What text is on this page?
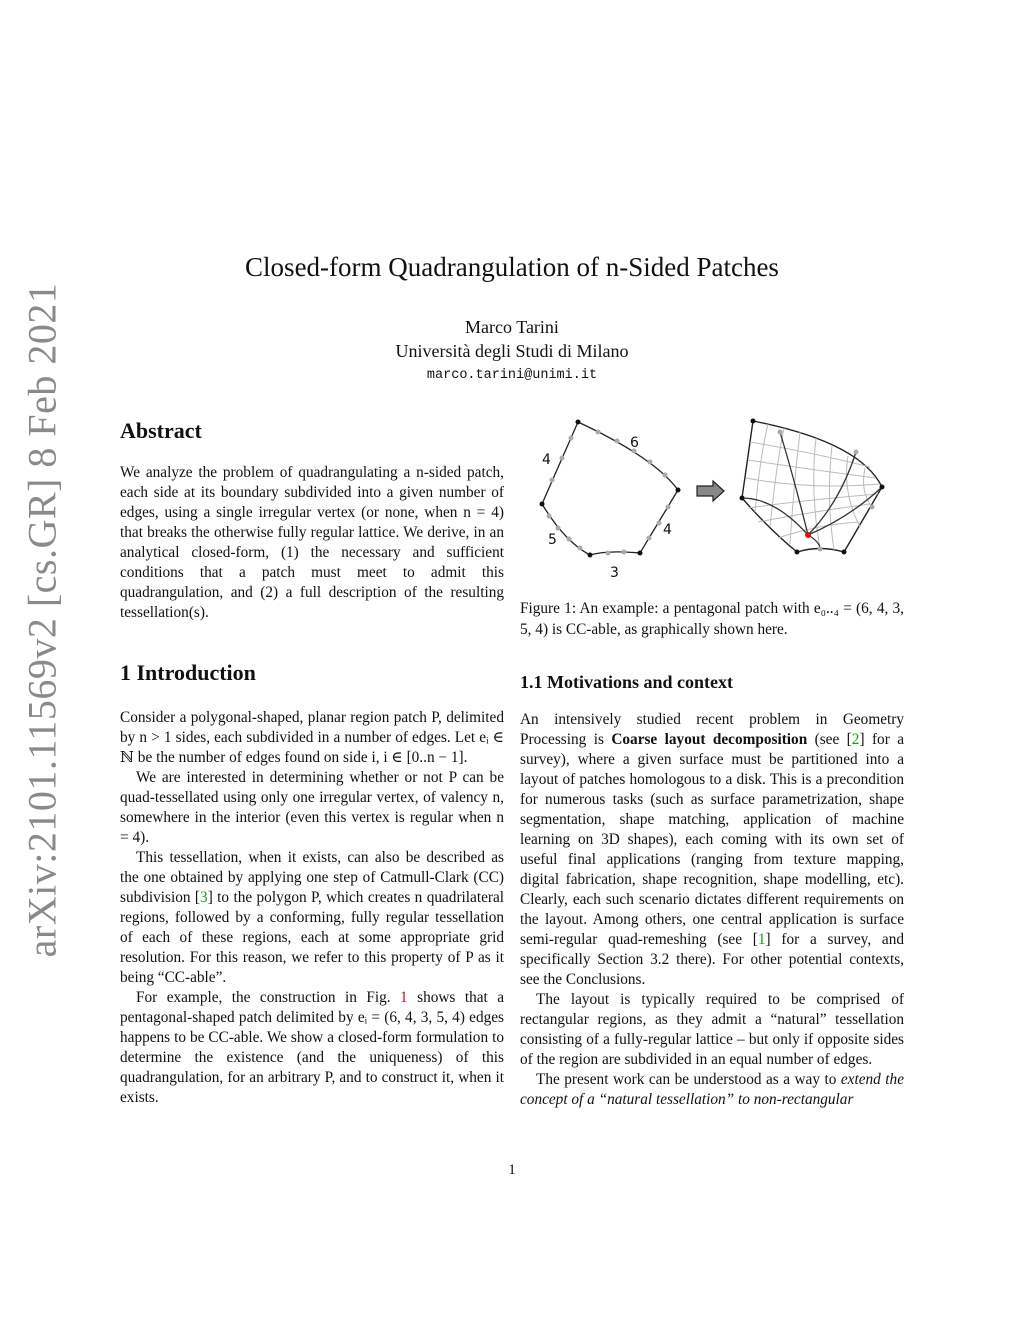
arXiv:2101.11569v2 [cs.GR] 8 Feb 2021
Closed-form Quadrangulation of n-Sided Patches
Marco Tarini
Università degli Studi di Milano
marco.tarini@unimi.it
Abstract

We analyze the problem of quadrangulating a n-sided patch, each side at its boundary subdivided into a given number of edges, using a single irregular vertex (or none, when n = 4) that breaks the otherwise fully regular lattice. We derive, in an analytical closed-form, (1) the necessary and sufficient conditions that a patch must meet to admit this quadrangulation, and (2) a full description of the resulting tessellation(s).

1 Introduction

Consider a polygonal-shaped, planar region patch P, delimited by n > 1 sides, each subdivided in a number of edges. Let eᵢ ∈ ℕ be the number of edges found on side i, i ∈ [0..n − 1].

We are interested in determining whether or not P can be quad-tessellated using only one irregular vertex, of valency n, somewhere in the interior (even this vertex is regular when n = 4).

This tessellation, when it exists, can also be described as the one obtained by applying one step of Catmull-Clark (CC) subdivision [3] to the polygon P, which creates n quadrilateral regions, followed by a conforming, fully regular tessellation of each of these regions, each at some appropriate grid resolution. For this reason, we refer to this property of P as it being “CC-able”.

For example, the construction in Fig. 1 shows that a pentagonal-shaped patch delimited by eᵢ = (6, 4, 3, 5, 4) edges happens to be CC-able. We show a closed-form formulation to determine the existence (and the uniqueness) of this quadrangulation, for an arbitrary P, and to construct it, when it exists.

6
4
3
5
4

Figure 1: An example: a pentagonal patch with e₀..₄ = (6, 4, 3, 5, 4) is CC-able, as graphically shown here.

1.1 Motivations and context

An intensively studied recent problem in Geometry Processing is Coarse layout decomposition (see [2] for a survey), where a given surface must be partitioned into a layout of patches homologous to a disk. This is a precondition for numerous tasks (such as surface parametrization, shape segmentation, shape matching, application of machine learning on 3D shapes), each coming with its own set of useful final applications (ranging from texture mapping, digital fabrication, shape recognition, shape modelling, etc). Clearly, each such scenario dictates different requirements on the layout. Among others, one central application is surface semi-regular quad-remeshing (see [1] for a survey, and specifically Section 3.2 there). For other potential contexts, see the Conclusions.

The layout is typically required to be comprised of rectangular regions, as they admit a “natural” tessellation consisting of a fully-regular lattice – but only if opposite sides of the region are subdivided in an equal number of edges.

The present work can be understood as a way to extend the concept of a “natural tessellation” to non-rectangular

1
